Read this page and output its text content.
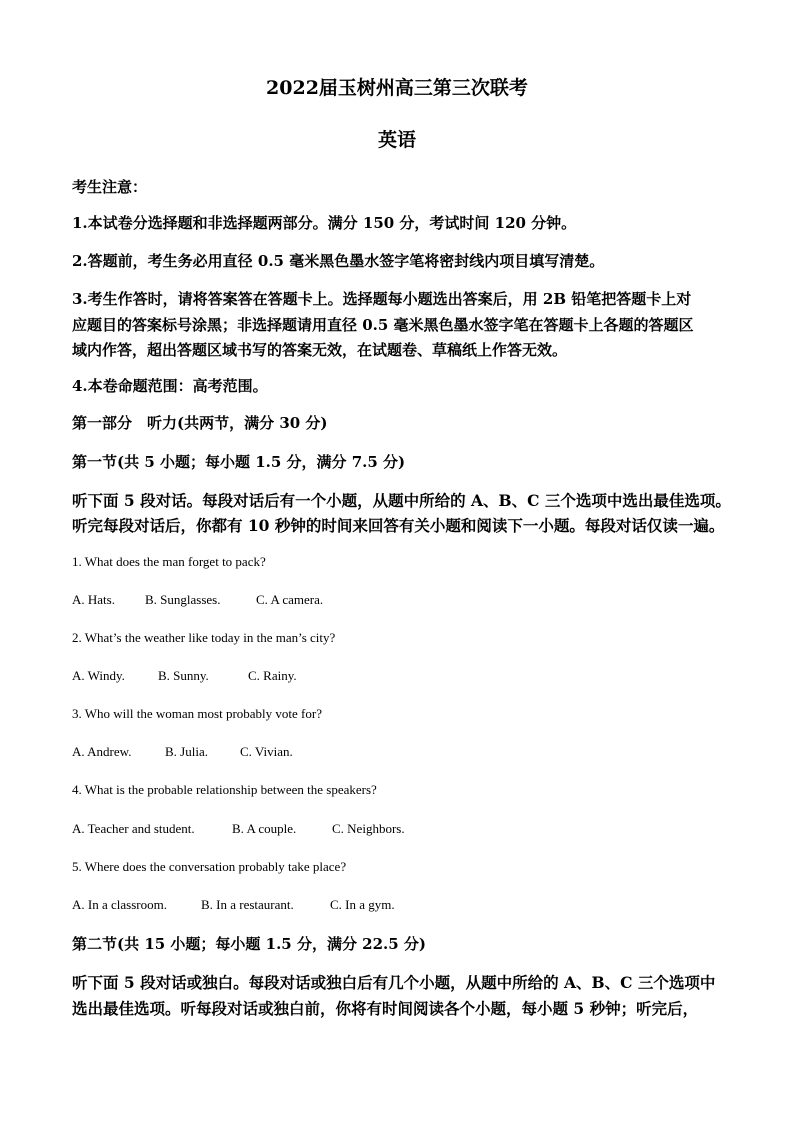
2022届玉树州高三第三次联考
英语
考生注意：
1.本试卷分选择题和非选择题两部分。满分 150 分，考试时间 120 分钟。
2.答题前，考生务必用直径 0.5 毫米黑色墨水签字笔将密封线内项目填写清楚。
3.考生作答时，请将答案答在答题卡上。选择题每小题选出答案后，用 2B 铅笔把答题卡上对
应题目的答案标号涂黑；非选择题请用直径 0.5 毫米黑色墨水签字笔在答题卡上各题的答题区
域内作答，超出答题区域书写的答案无效，在试题卷、草稿纸上作答无效。
4.本卷命题范围：高考范围。
第一部分　听力(共两节，满分 30 分)
第一节(共 5 小题；每小题 1.5 分，满分 7.5 分)
听下面 5 段对话。每段对话后有一个小题，从题中所给的 A、B、C 三个选项中选出最佳选项。
听完每段对话后，你都有 10 秒钟的时间来回答有关小题和阅读下一小题。每段对话仅读一遍。
1. What does the man forget to pack?
A. Hats. B. Sunglasses.	C. A camera.
2. What’s the weather like today in the man’s city?
A. Windy.	B. Sunny.	C. Rainy.
3. Who will the woman most probably vote for?
A. Andrew.	B. Julia. C. Vivian.
4. What is the probable relationship between the speakers?
A. Teacher and student.	B. A couple.	C. Neighbors.
5. Where does the conversation probably take place?
A. In a classroom.	B. In a restaurant.	C. In a gym.
第二节(共 15 小题；每小题 1.5 分，满分 22.5 分)
听下面 5 段对话或独白。每段对话或独白后有几个小题，从题中所给的 A、B、C 三个选项中
选出最佳选项。听每段对话或独白前，你将有时间阅读各个小题，每小题 5 秒钟；听完后，
